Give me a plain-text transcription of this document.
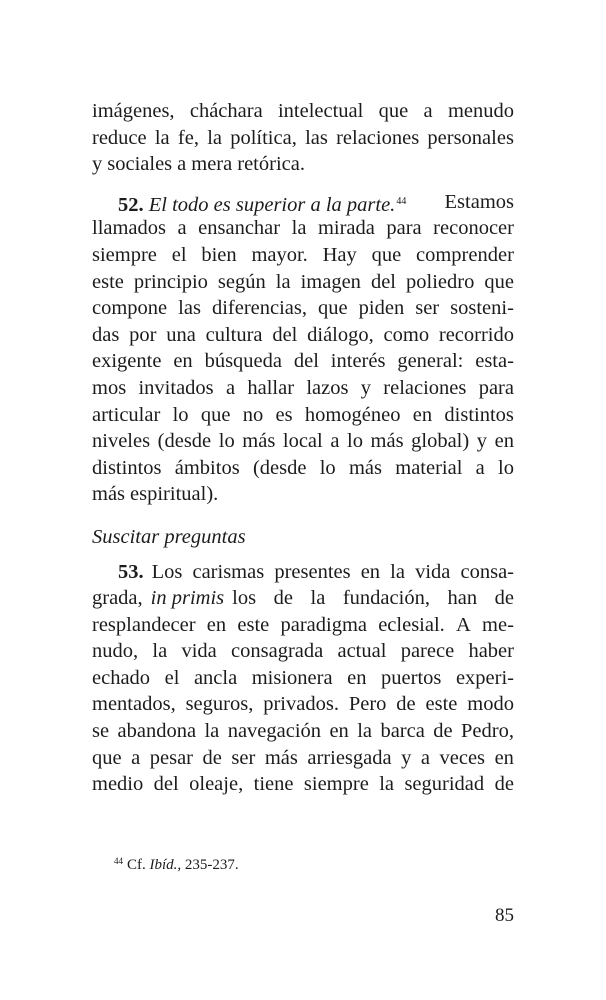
imágenes, cháchara intelectual que a menudo
reduce la fe, la política, las relaciones personales
y sociales a mera retórica.
52. El todo es superior a la parte.$^{44}$ Estamos
llamados a ensanchar la mirada para reconocer
siempre el bien mayor. Hay que comprender
este principio según la imagen del poliedro que
compone las diferencias, que piden ser sosteni-
das por una cultura del diálogo, como recorrido
exigente en búsqueda del interés general: esta-
mos invitados a hallar lazos y relaciones para
articular lo que no es homogéneo en distintos
niveles (desde lo más local a lo más global) y en
distintos ámbitos (desde lo más material a lo
más espiritual).
Suscitar preguntas
53. Los carismas presentes en la vida consa-
grada, in primis los de la fundación, han de
resplandecer en este paradigma eclesial. A me-
nudo, la vida consagrada actual parece haber
echado el ancla misionera en puertos experi-
mentados, seguros, privados. Pero de este modo
se abandona la navegación en la barca de Pedro,
que a pesar de ser más arriesgada y a veces en
medio del oleaje, tiene siempre la seguridad de
$^{44}$ Cf. Ibíd., 235-237.
85
